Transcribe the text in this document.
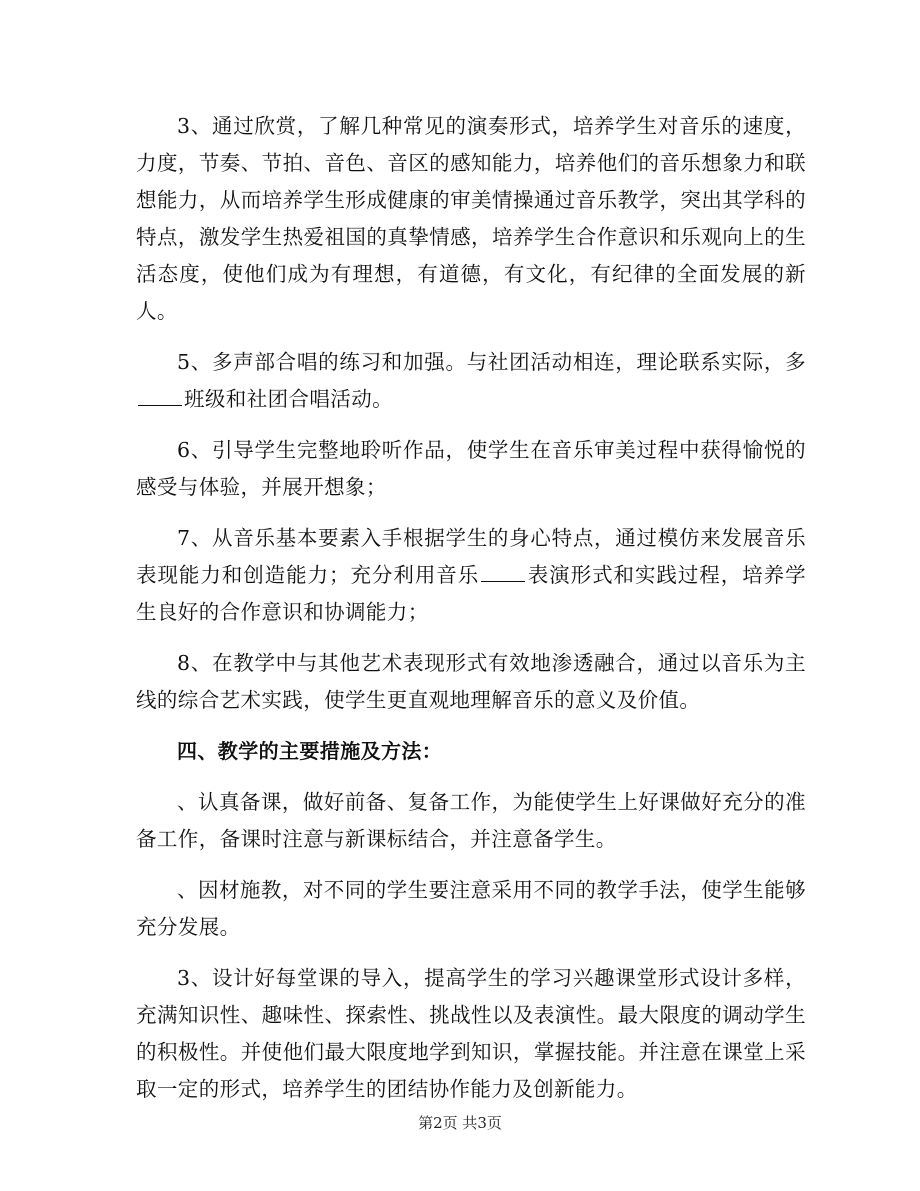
3、通过欣赏，了解几种常见的演奏形式，培养学生对音乐的速度，力度，节奏、节拍、音色、音区的感知能力，培养他们的音乐想象力和联想能力，从而培养学生形成健康的审美情操通过音乐教学，突出其学科的特点，激发学生热爱祖国的真挚情感，培养学生合作意识和乐观向上的生活态度，使他们成为有理想，有道德，有文化，有纪律的全面发展的新人。

5、多声部合唱的练习和加强。与社团活动相连，理论联系实际，多班级和社团合唱活动。

6、引导学生完整地聆听作品，使学生在音乐审美过程中获得愉悦的感受与体验，并展开想象；

7、从音乐基本要素入手根据学生的身心特点，通过模仿来发展音乐表现能力和创造能力；充分利用音乐 表演形式和实践过程，培养学生良好的合作意识和协调能力；

8、在教学中与其他艺术表现形式有效地渗透融合，通过以音乐为主线的综合艺术实践，使学生更直观地理解音乐的意义及价值。

四、教学的主要措施及方法：

、认真备课，做好前备、复备工作，为能使学生上好课做好充分的准备工作，备课时注意与新课标结合，并注意备学生。

、因材施教，对不同的学生要注意采用不同的教学手法，使学生能够充分发展。

3、设计好每堂课的导入，提高学生的学习兴趣课堂形式设计多样，充满知识性、趣味性、探索性、挑战性以及表演性。最大限度的调动学生的积极性。并使他们最大限度地学到知识，掌握技能。并注意在课堂上采取一定的形式，培养学生的团结协作能力及创新能力。

第2页 共3页
